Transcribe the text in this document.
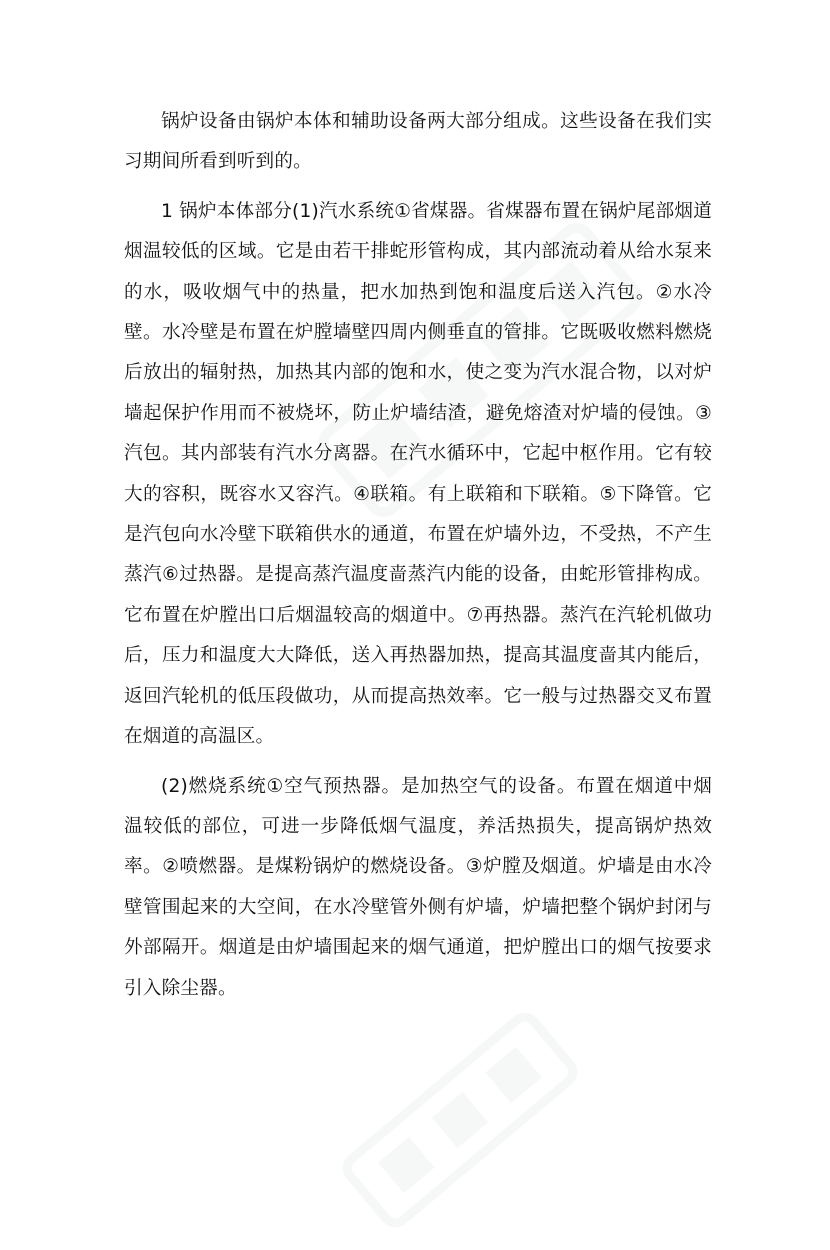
锅炉设备由锅炉本体和辅助设备两大部分组成。这些设备在我们实习期间所看到听到的。

1 锅炉本体部分(1)汽水系统①省煤器。省煤器布置在锅炉尾部烟道烟温较低的区域。它是由若干排蛇形管构成，其内部流动着从给水泵来的水，吸收烟气中的热量，把水加热到饱和温度后送入汽包。②水冷壁。水冷壁是布置在炉膛墙壁四周内侧垂直的管排。它既吸收燃料燃烧后放出的辐射热，加热其内部的饱和水，使之变为汽水混合物，以对炉墙起保护作用而不被烧坏，防止炉墙结渣，避免熔渣对炉墙的侵蚀。③汽包。其内部装有汽水分离器。在汽水循环中，它起中枢作用。它有较大的容积，既容水又容汽。④联箱。有上联箱和下联箱。⑤下降管。它是汽包向水冷壁下联箱供水的通道，布置在炉墙外边，不受热，不产生蒸汽⑥过热器。是提高蒸汽温度啬蒸汽内能的设备，由蛇形管排构成。它布置在炉膛出口后烟温较高的烟道中。⑦再热器。蒸汽在汽轮机做功后，压力和温度大大降低，送入再热器加热，提高其温度啬其内能后，返回汽轮机的低压段做功，从而提高热效率。它一般与过热器交叉布置在烟道的高温区。

(2)燃烧系统①空气预热器。是加热空气的设备。布置在烟道中烟温较低的部位，可进一步降低烟气温度，养活热损失，提高锅炉热效率。②喷燃器。是煤粉锅炉的燃烧设备。③炉膛及烟道。炉墙是由水冷壁管围起来的大空间，在水冷壁管外侧有炉墙，炉墙把整个锅炉封闭与外部隔开。烟道是由炉墙围起来的烟气通道，把炉膛出口的烟气按要求引入除尘器。
